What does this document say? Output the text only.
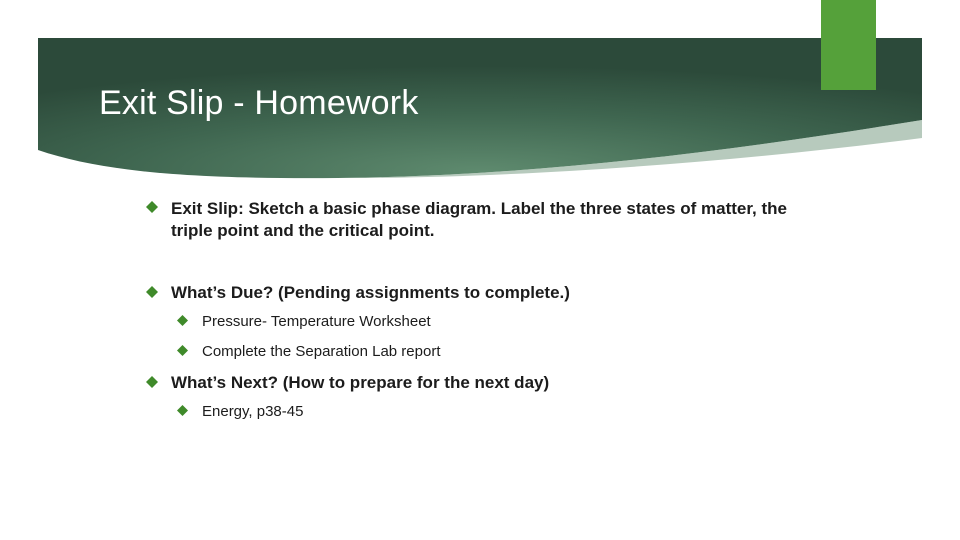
Exit Slip - Homework
Exit Slip: Sketch a basic phase diagram. Label the three states of matter, the
triple point and the critical point.
What’s Due? (Pending assignments to complete.)
Pressure- Temperature Worksheet
Complete the Separation Lab report
What’s Next? (How to prepare for the next day)
Energy, p38-45
